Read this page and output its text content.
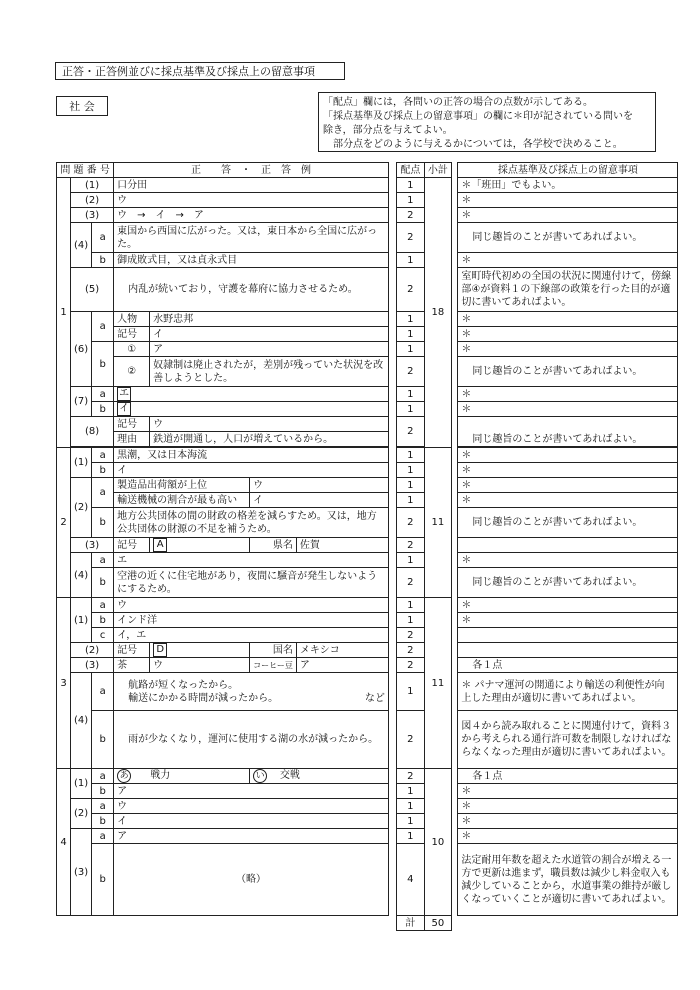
正答・正答例並びに採点基準及び採点上の留意事項
社 会	「配点」欄には，各問いの正答の場合の点数が示してある。
「採点基準及び採点上の留意事項」の欄に＊印が記されている問いを
除き，部分点を与えてよい。
部分点をどのように与えるかについては，各学校で決めること。
問 題 番 号			正　　答　・　正　答　例					配点	小計		採点基準及び採点上の留意事項
1	(1)		口分田					1	18		＊「班田」でもよい。
	(2)		ウ					1			＊
	(3)		ウ　→　イ　→　ア					2			＊
	(4)	a	東国から西国に広がった。又は，東日本から全国に広がった。					2			同じ趣旨のことが書いてあればよい。
		b	御成敗式目，又は貞永式目					1			＊
	(5)		内乱が続いており，守護を幕府に協力させるため。					2			室町時代初めの全国の状況に関連付けて，傍線部④が資料１の下線部の政策を行った目的が適切に書いてあればよい。
	(6)	a	人物	水野忠邦				1			＊
			記号	イ				1			＊
		b	①	ア				1			＊
			②	奴隷制は廃止されたが，差別が残っていた状況を改善しようとした。				2			同じ趣旨のことが書いてあればよい。
	(7)	a	エ					1			＊
		b	イ					1			＊
	(8)		記号	ウ				2			同じ趣旨のことが書いてあればよい。
			理由	鉄道が開通し，人口が増えているから。							

2	(1)	a	黒潮，又は日本海流					1	11		＊
		b	イ					1			＊
	(2)	a	製造品出荷額が上位		ウ			1			＊
			輸送機械の割合が最も高い		イ			1			＊
		b	地方公共団体の間の財政の格差を減らすため。又は，地方公共団体の財源の不足を補うため。					2			同じ趣旨のことが書いてあればよい。
	(3)		記号	A	県名	佐賀		2			
	(4)	a	エ					1			＊
		b	空港の近くに住宅地があり，夜間に騒音が発生しないようにするため。					2			同じ趣旨のことが書いてあればよい。
3	(1)	a	ウ					1	11		＊
		b	インド洋					1			＊
		c	イ，エ					2			
	(2)		記号	D	国名	メキシコ		2			
	(3)		茶	ウ	コーヒー豆	ア		2			各１点
	(4)	a	航路が短くなったから。
輸送にかかる時間が減ったから。 など					1			＊ パナマ運河の開通により輸送の利便性が向上した理由が適切に書いてあればよい。
		b	雨が少なくなり，運河に使用する湖の水が減ったから。					2			図４から読み取れることに関連付けて，資料３から考えられる通行許可数を制限しなければならなくなった理由が適切に書いてあればよい。
4	(1)	a	あ 戦力		い 交戦			2	10		各１点
		b	ア					1			＊
	(2)	a	ウ					1			＊
		b	イ					1			＊
	(3)	a	ア					1			＊
		b	（略）					4			法定耐用年数を超えた水道管の割合が増える一方で更新は進まず，職員数は減少し料金収入も減少していることから，水道事業の維持が厳しくなっていくことが適切に書いてあればよい。
								計	50		
